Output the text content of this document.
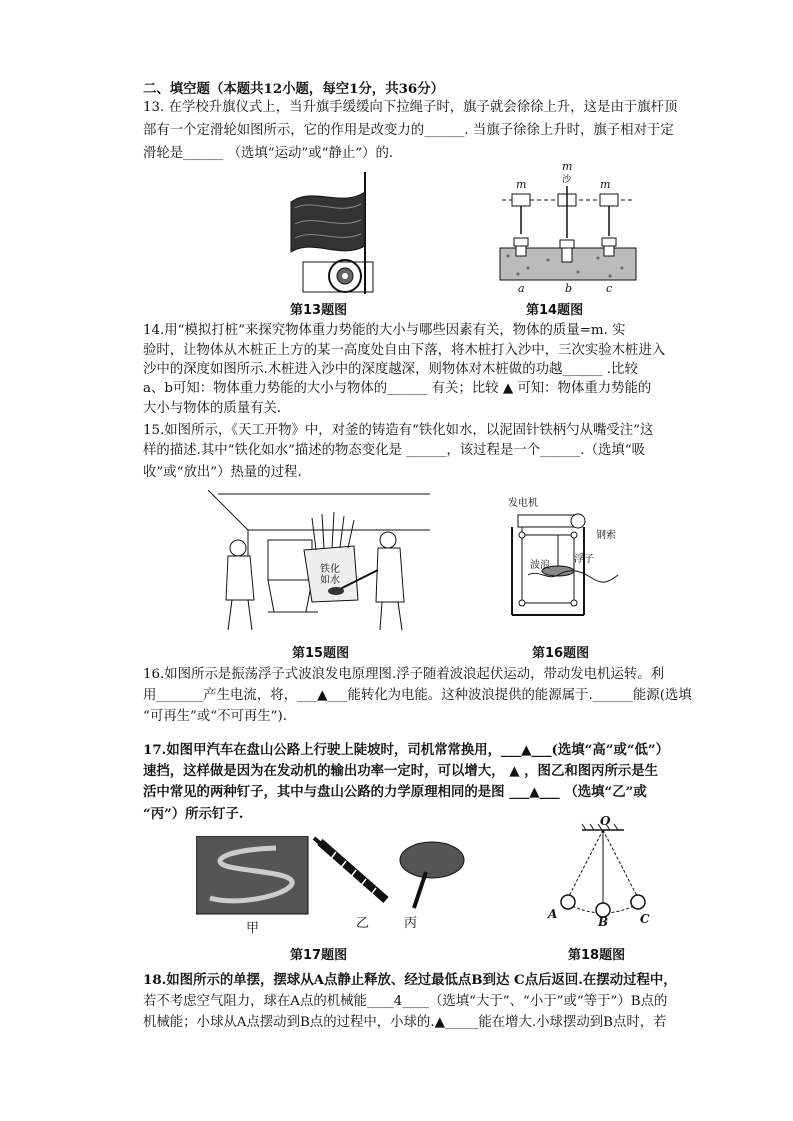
二、填空题（本题共12小题，每空1分，共36分）
13. 在学校升旗仪式上，当升旗手缓缓向下拉绳子时，旗子就会徐徐上升，这是由于旗杆顶
部有一个定滑轮如图所示，它的作用是改变力的______. 当旗子徐徐上升时，旗子相对于定
滑轮是______ （选填“运动”或“静止”）的.
第13题图
m
m
m
沙
a	b	c
第14题图
14.用“模拟打桩”来探究物体重力势能的大小与哪些因素有关，物体的质量=m. 实
验时，让物体从木桩正上方的某一高度处自由下落，将木桩打入沙中，三次实验木桩进入
沙中的深度如图所示.木桩进入沙中的深度越深，则物体对木桩做的功越______ .比较
a、b可知：物体重力势能的大小与物体的______ 有关；比较 ▲ 可知：物体重力势能的
大小与物体的质量有关.
15.如图所示，《天工开物》中，对釜的铸造有“铁化如水，以泥固针铁柄勺从嘴受注”这
样的描述.其中“铁化如水”描述的物态变化是 ______，该过程是一个______.（选填“吸
收”或“放出”）热量的过程.
铁化
如水
第15题图
发电机
钢索
波浪
浮子
第16题图
16.如图所示是振荡浮子式波浪发电原理图.浮子随着波浪起伏运动，带动发电机运转。利
用_______产生电流，将，___▲___能转化为电能。这种波浪提供的能源属于.______能源(选填
“可再生”或“不可再生”).
17.如图甲汽车在盘山公路上行驶上陡坡时，司机常常换用，___▲___(选填“高”或“低”）
速挡，这样做是因为在发动机的输出功率一定时，可以增大， ▲ ，图乙和图丙所示是生
活中常见的两种钉子，其中与盘山公路的力学原理相同的是图 ___▲___ （选填“乙”或
“丙”）所示钉子.
甲	乙	丙
第17题图
O
A
B	C
第18题图
18.如图所示的单摆，摆球从A点静止释放、经过最低点B到达 C点后返回.在摆动过程中，
若不考虑空气阻力，球在A点的机械能____4____（选填“大于”、“小于”或“等于”）B点的
机械能；小球从A点摆动到B点的过程中，小球的.▲_____能在增大.小球摆动到B点时，若
